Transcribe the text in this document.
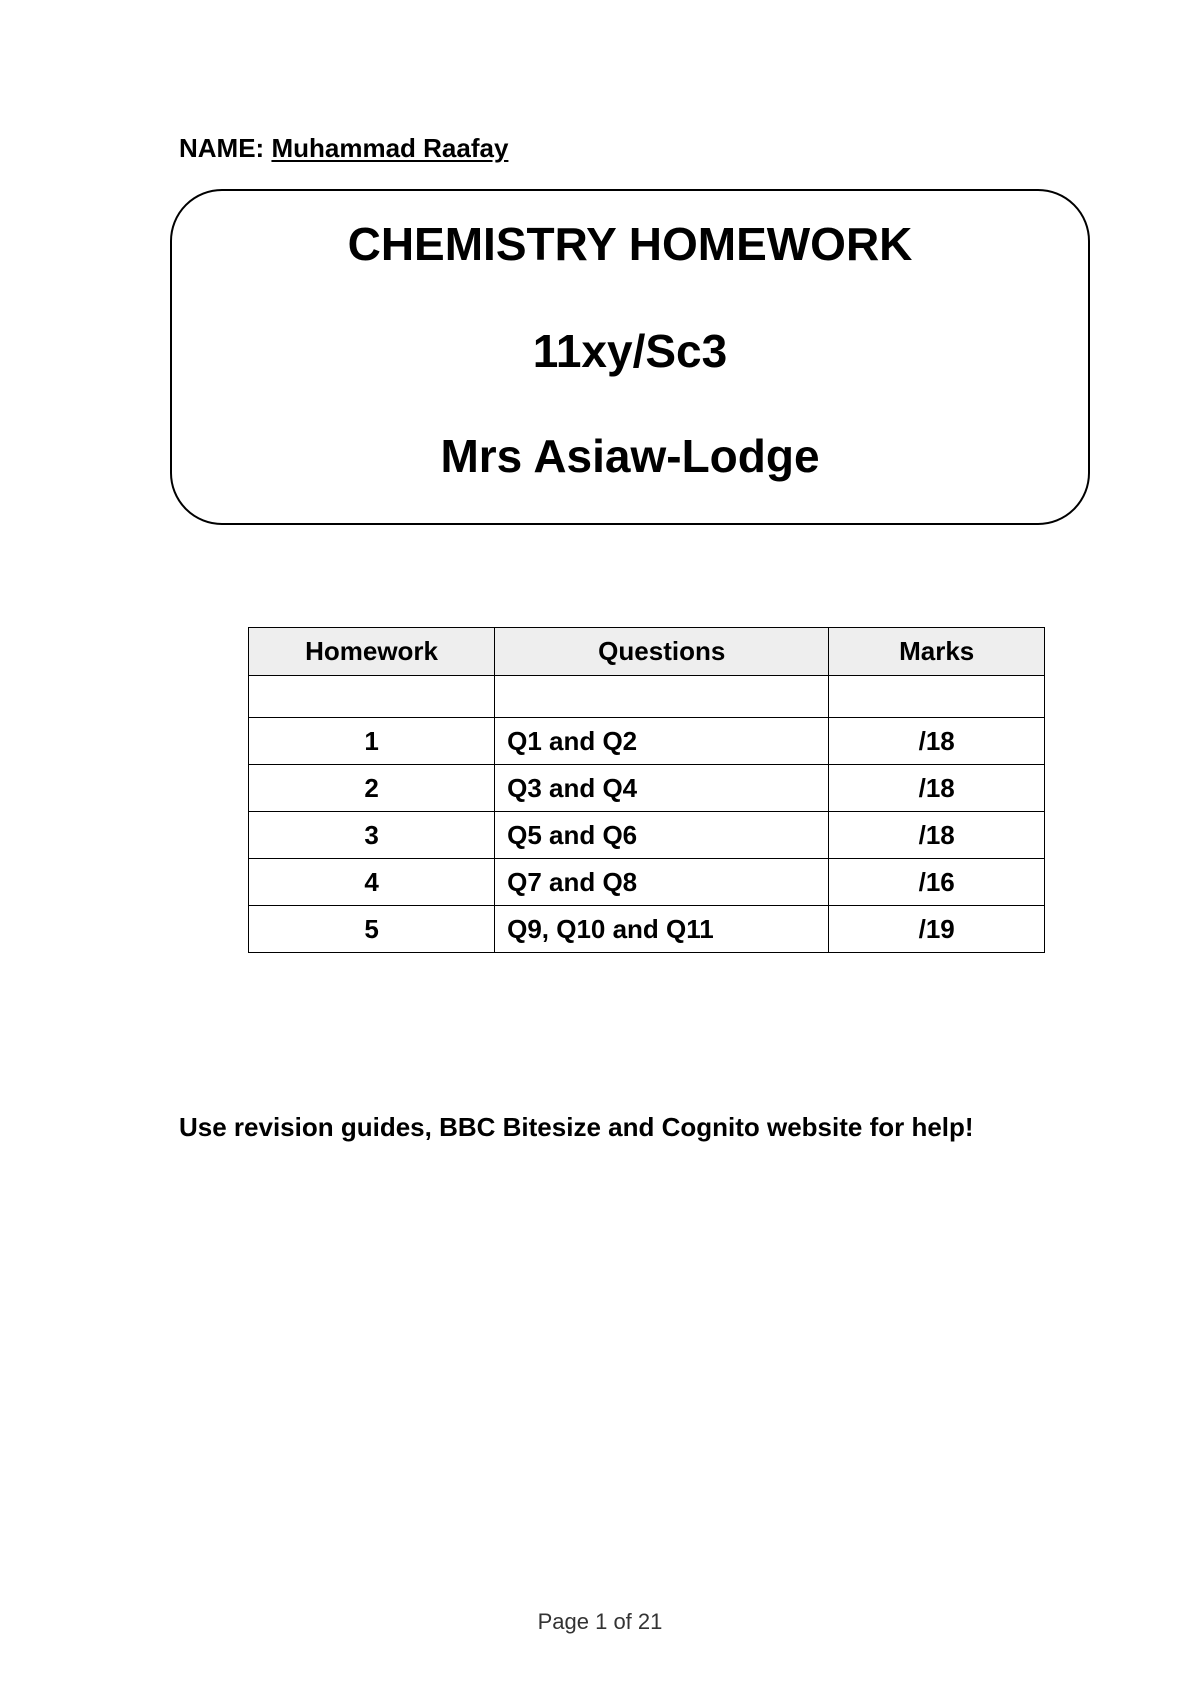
NAME: Muhammad Raafay
CHEMISTRY HOMEWORK
11xy/Sc3
Mrs Asiaw-Lodge
Homework	Questions	Marks

1	Q1 and Q2	/18
2	Q3 and Q4	/18
3	Q5 and Q6	/18
4	Q7 and Q8	/16
5	Q9, Q10 and Q11	/19
Use revision guides, BBC Bitesize and Cognito website for help!
Page 1 of 21
